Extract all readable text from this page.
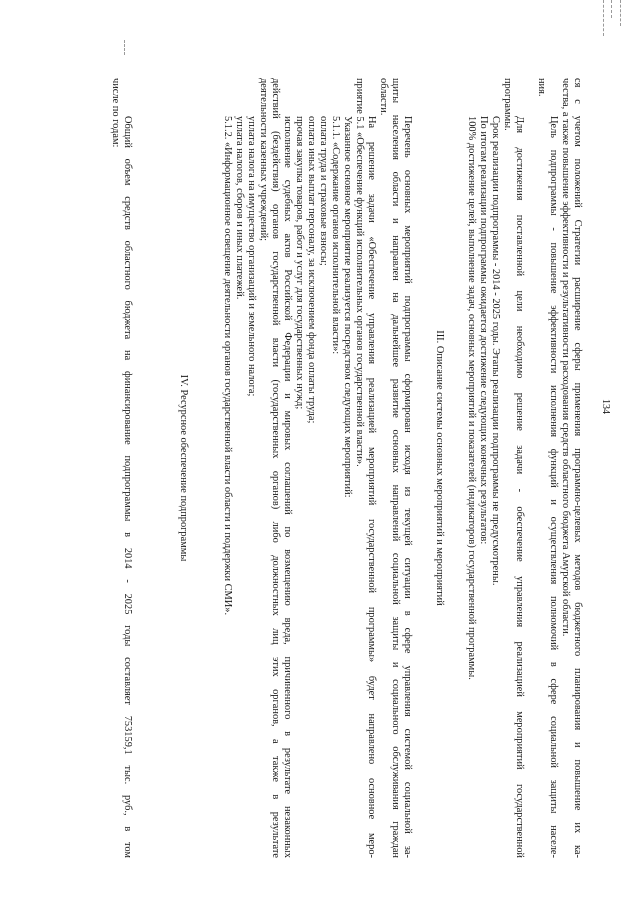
134
ся с учетом положений Стратегии расширение сферы применения программно-целевых методов бюджетного планирования и повышение их ка-
чества, а также повышение эффективности и результативности расходования средств областного бюджета Амурской области.
Цель подпрограммы - повышение эффективности исполнения функций и осуществления полномочий в сфере социальной защиты населе-
ния.
Для достижения поставленной цели необходимо решение задачи - обеспечение управления реализацией мероприятий государственной
программы.
Срок реализации подпрограммы - 2014 - 2025 годы. Этапы реализации подпрограммы не предусмотрены.
По итогам реализации подпрограммы ожидается достижение следующих конечных результатов:
100% достижение целей, выполнение задач, основных мероприятий и показателей (индикаторов) государственной программы.
III. Описание системы основных мероприятий и мероприятий
Перечень основных мероприятий подпрограммы сформирован исходя из текущей ситуации в сфере управления системой социальной за-
щиты населения области и направлен на дальнейшее развитие основных направлений социальной защиты и социального обслуживания граждан
области.
На решение задачи «Обеспечение управления реализацией мероприятий государственной программы» будет направлено основное меро-
приятие 5.1 «Обеспечение функций исполнительных органов государственной власти».
Указанное основное мероприятие реализуется посредством следующих мероприятий:
5.1.1. «Содержание органов исполнительной власти»:
оплата труда и страховые взносы;
оплата иных выплат персоналу, за исключением фонда оплаты труда;
прочая закупка товаров, работ и услуг для государственных нужд;
исполнение судебных актов Российской Федерации и мировых соглашений по возмещению вреда, причиненного в результате незаконных
действий (бездействия) органов государственной власти (государственных органов) либо должностных лиц этих органов, а также в результате
деятельности казенных учреждений;
уплата налога на имущество организаций и земельного налога;
уплата налогов, сборов и иных платежей.
5.1.2. «Информационное освещение деятельности органов государственной власти области и поддержки СМИ».
IV. Ресурсное обеспечение подпрограммы
Общий объем средств областного бюджета на финансирование подпрограммы в 2014 - 2025 годы составляет 753159,1 тыс. руб., в том
числе по годам:
